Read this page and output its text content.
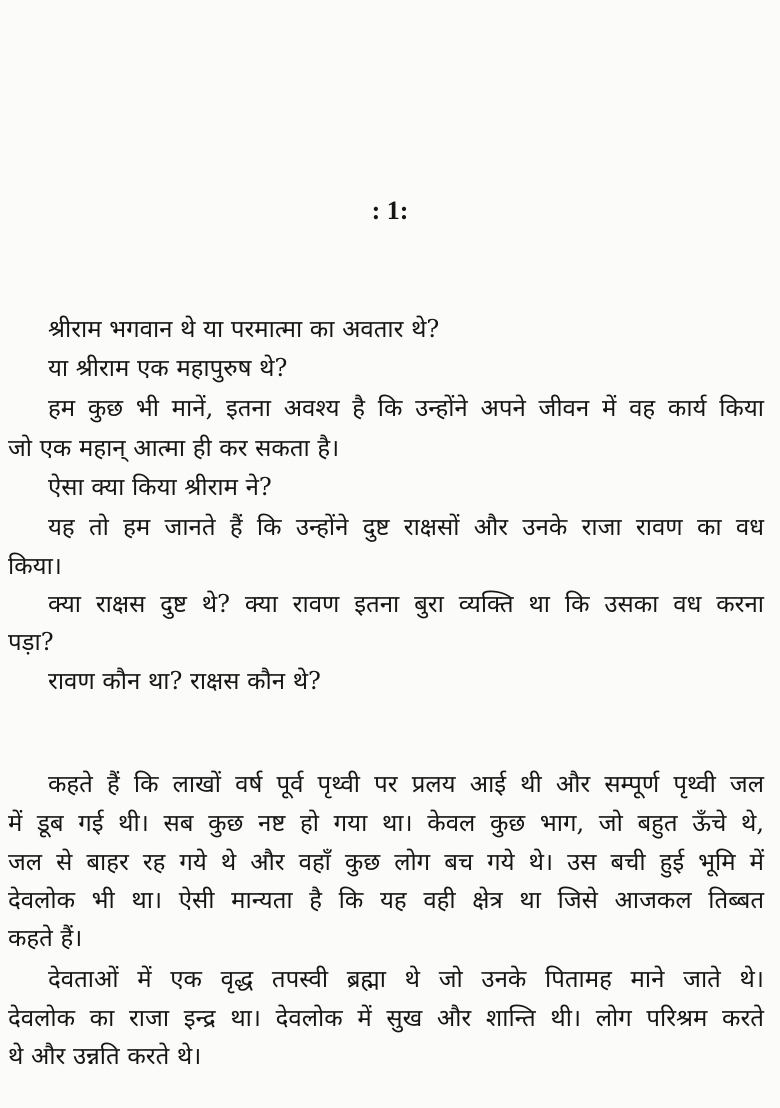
: 1:
श्रीराम भगवान थे या परमात्मा का अवतार थे?
या श्रीराम एक महापुरुष थे?
हम कुछ भी मानें, इतना अवश्य है कि उन्होंने अपने जीवन में वह कार्य किया
जो एक महान् आत्मा ही कर सकता है।
ऐसा क्या किया श्रीराम ने?
यह तो हम जानते हैं कि उन्होंने दुष्ट राक्षसों और उनके राजा रावण का वध
किया।
क्या राक्षस दुष्ट थे? क्या रावण इतना बुरा व्यक्ति था कि उसका वध करना
पड़ा?
रावण कौन था? राक्षस कौन थे?
कहते हैं कि लाखों वर्ष पूर्व पृथ्वी पर प्रलय आई थी और सम्पूर्ण पृथ्वी जल
में डूब गई थी। सब कुछ नष्ट हो गया था। केवल कुछ भाग, जो बहुत ऊँचे थे,
जल से बाहर रह गये थे और वहाँ कुछ लोग बच गये थे। उस बची हुई भूमि में
देवलोक भी था। ऐसी मान्यता है कि यह वही क्षेत्र था जिसे आजकल तिब्बत
कहते हैं।
देवताओं में एक वृद्ध तपस्वी ब्रह्मा थे जो उनके पितामह माने जाते थे।
देवलोक का राजा इन्द्र था। देवलोक में सुख और शान्ति थी। लोग परिश्रम करते
थे और उन्नति करते थे।
